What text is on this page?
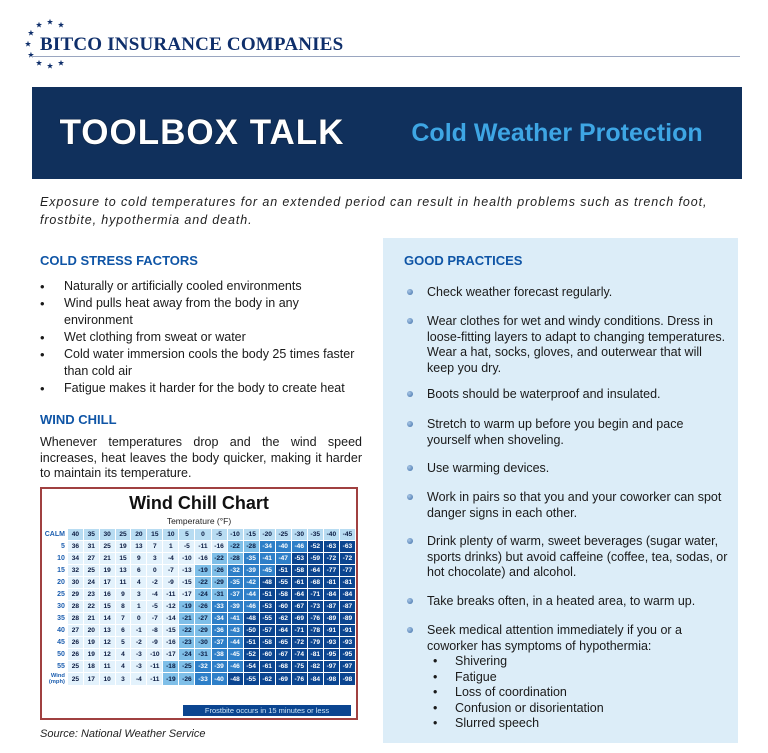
BITCO INSURANCE COMPANIES
TOOLBOX TALK	Cold Weather Protection

Exposure to cold temperatures for an extended period can result in health problems such as trench foot, frostbite, hypothermia and death.

COLD STRESS FACTORS
• Naturally or artificially cooled environments
• Wind pulls heat away from the body in any environment
• Wet clothing from sweat or water
• Cold water immersion cools the body 25 times faster than cold air
• Fatigue makes it harder for the body to create heat
WIND CHILL

Whenever temperatures drop and the wind speed increases, heat leaves the body quicker, making it harder to maintain its temperature.

Wind Chill Chart
Temperature (°F)
CALM	40	35	30	25	20	15	10	5	0	-5	-10	-15	-20	-25	-30	-35	-40	-45
5	36	31	25	19	13	7	1	-5	-11	-16	-22	-28	-34	-40	-46	-52	-63	-63
10	34	27	21	15	9	3	-4	-10	-16	-22	-28	-35	-41	-47	-53	-59	-72	-72
15	32	25	19	13	6	0	-7	-13	-19	-26	-32	-39	-45	-51	-58	-64	-77	-77
20	30	24	17	11	4	-2	-9	-15	-22	-29	-35	-42	-48	-55	-61	-68	-81	-81
25	29	23	16	9	3	-4	-11	-17	-24	-31	-37	-44	-51	-58	-64	-71	-84	-84
30	28	22	15	8	1	-5	-12	-19	-26	-33	-39	-46	-53	-60	-67	-73	-87	-87
35	28	21	14	7	0	-7	-14	-21	-27	-34	-41	-48	-55	-62	-69	-76	-89	-89
40	27	20	13	6	-1	-8	-15	-22	-29	-36	-43	-50	-57	-64	-71	-78	-91	-91
45	26	19	12	5	-2	-9	-16	-23	-30	-37	-44	-51	-58	-65	-72	-79	-93	-93
50	26	19	12	4	-3	-10	-17	-24	-31	-38	-45	-52	-60	-67	-74	-81	-95	-95
55	25	18	11	4	-3	-11	-18	-25	-32	-39	-46	-54	-61	-68	-75	-82	-97	-97

Wind
(mph)	25	17	10	3	-4	-11	-19	-26	-33	-40	-48	-55	-62	-69	-76	-84	-98	-98
Frostbite occurs in 15 minutes or less
Source: National Weather Service
GOOD PRACTICES
Check weather forecast regularly.
Wear clothes for wet and windy conditions. Dress in loose-fitting layers to adapt to changing temperatures. Wear a hat, socks, gloves, and outerwear that will keep you dry.
Boots should be waterproof and insulated.
Stretch to warm up before you begin and pace yourself when shoveling.
Use warming devices.
Work in pairs so that you and your coworker can spot danger signs in each other.
Drink plenty of warm, sweet beverages (sugar water, sports drinks) but avoid caffeine (coffee, tea, sodas, or hot chocolate) and alcohol.
Take breaks often, in a heated area, to warm up.
Seek medical attention immediately if you or a coworker has symptoms of hypothermia:
• Shivering
• Fatigue
• Loss of coordination
• Confusion or disorientation
• Slurred speech
